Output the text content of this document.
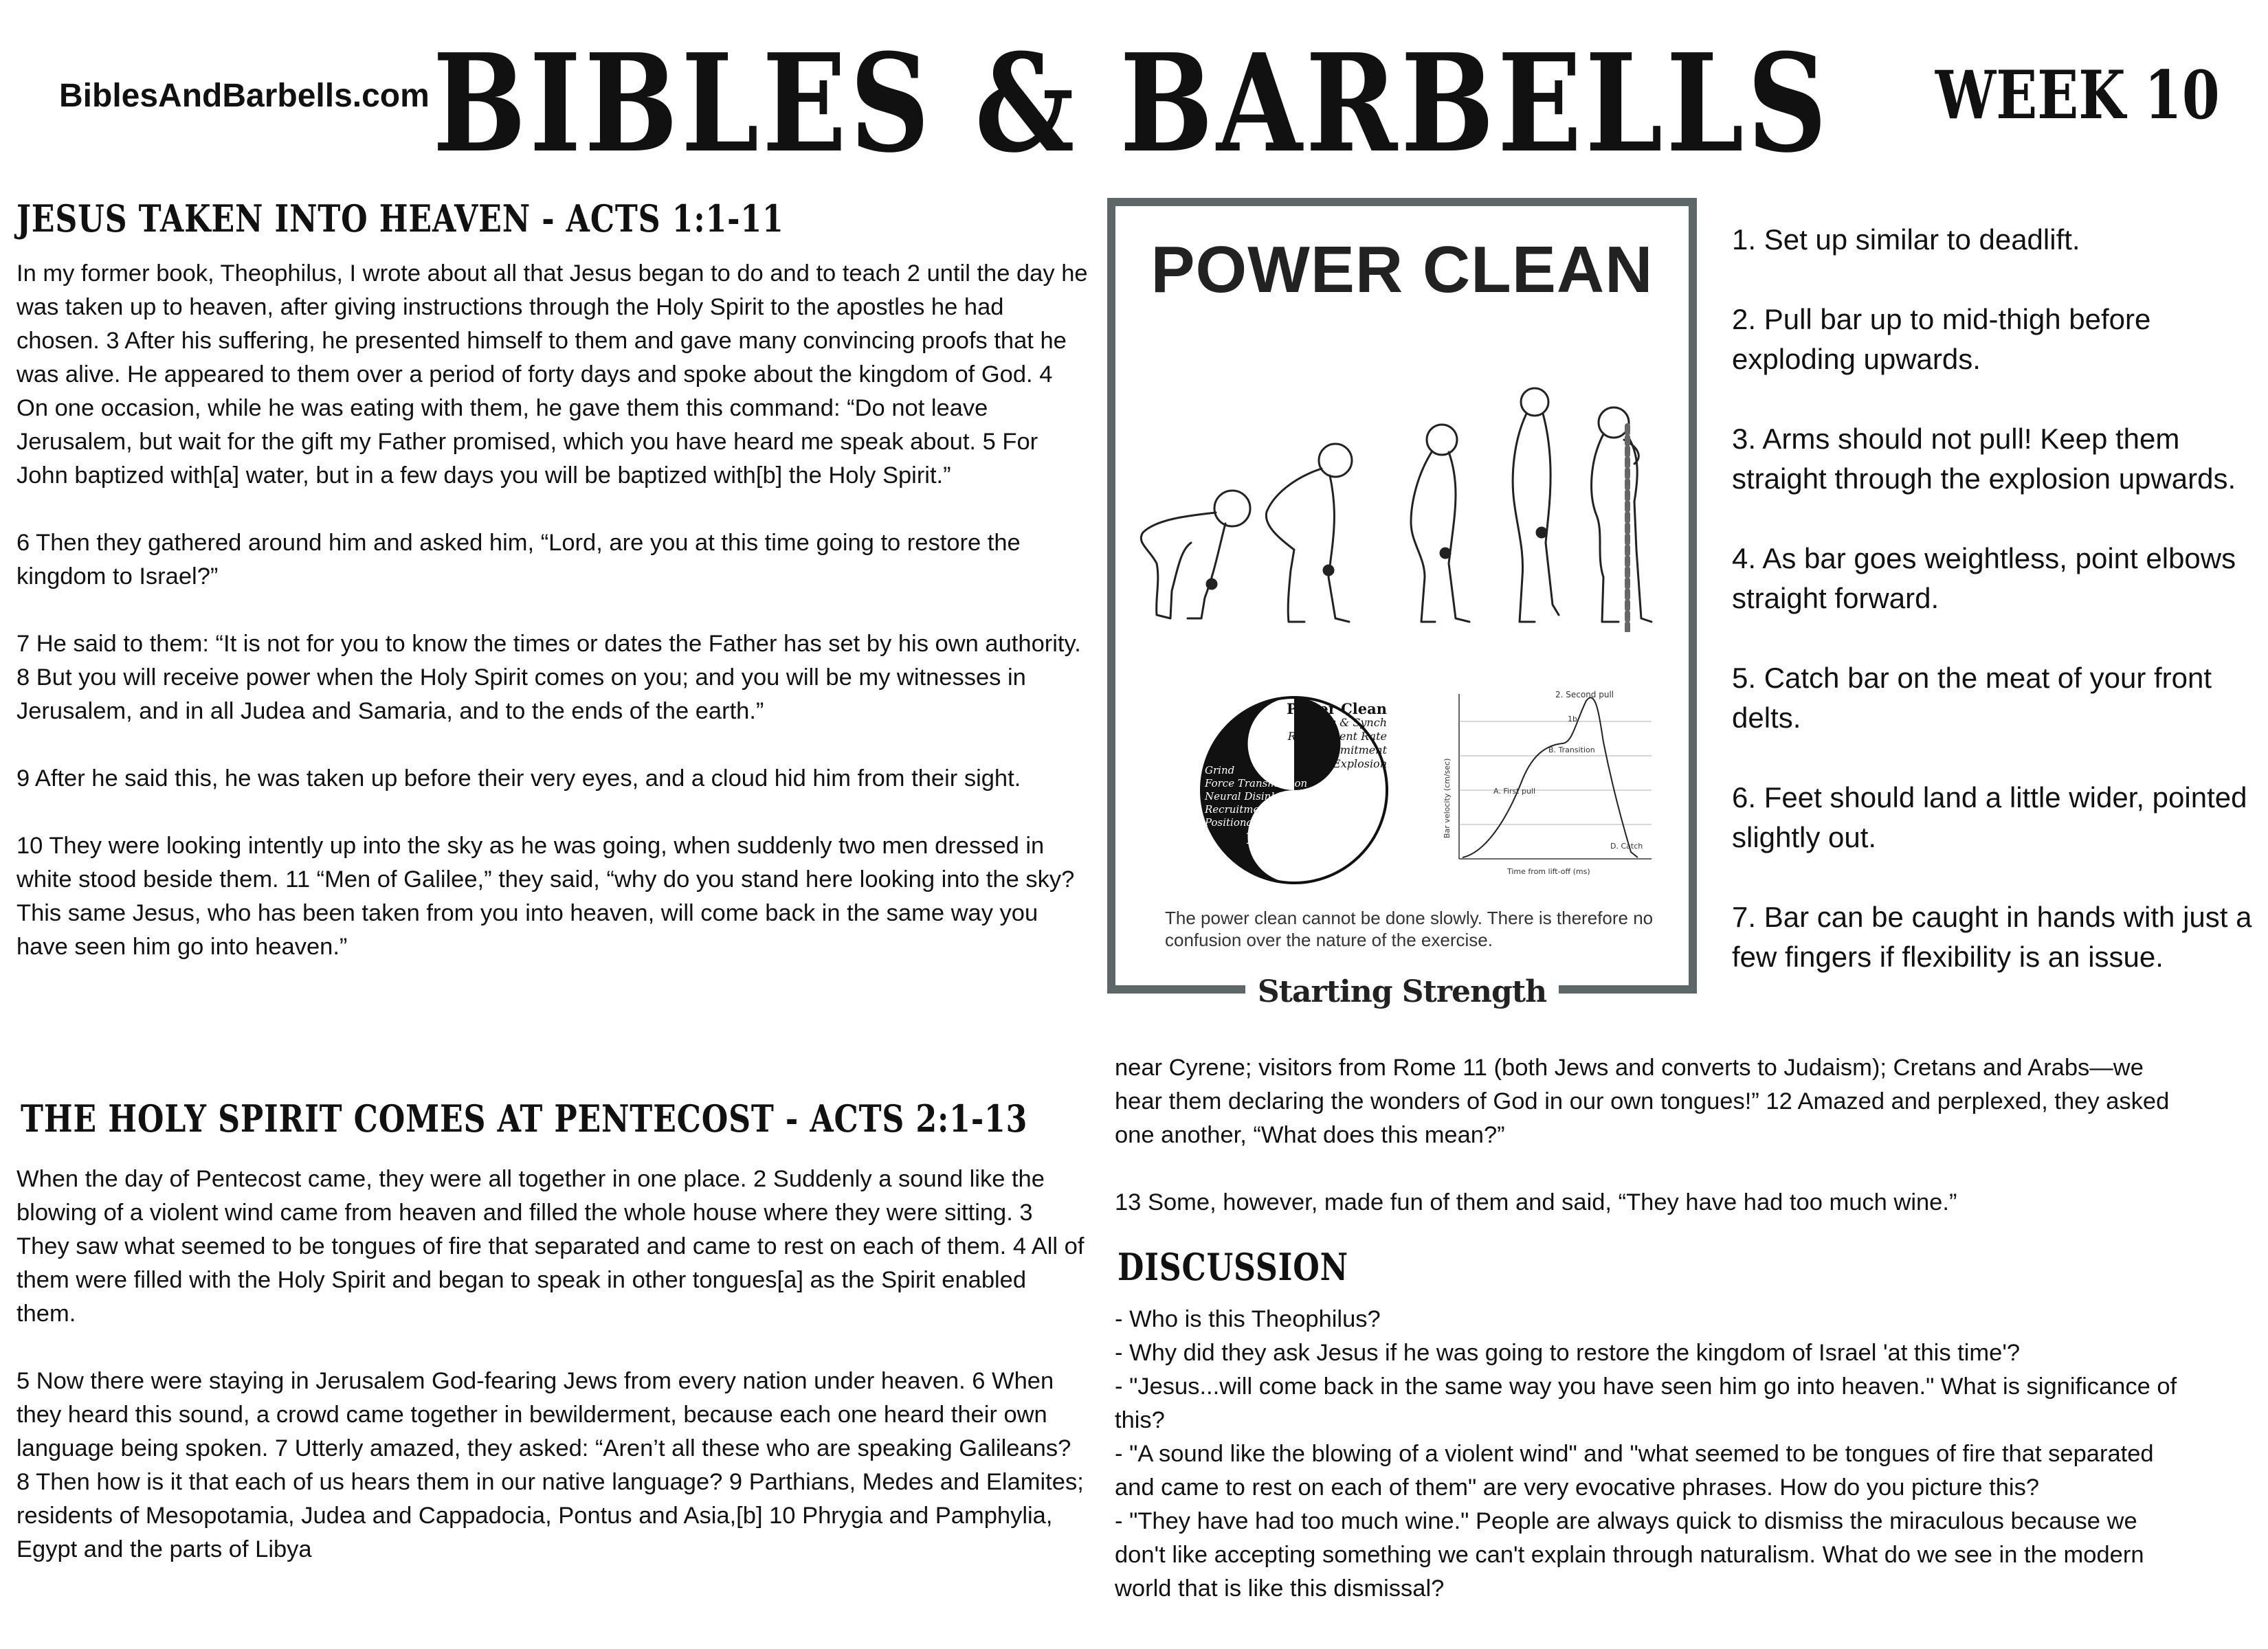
BiblesAndBarbells.com BIBLES & BARBELLS	WEEK 10
JESUS TAKEN INTO HEAVEN - ACTS 1:1-11

In my former book, Theophilus, I wrote about all that Jesus began to do and to teach 2 until the day he was taken up to heaven, after giving instructions through the Holy Spirit to the apostles he had chosen. 3 After his suffering, he presented himself to them and gave many convincing proofs that he was alive. He appeared to them over a period of forty days and spoke about the kingdom of God. 4 On one occasion, while he was eating with them, he gave them this command: “Do not leave Jerusalem, but wait for the gift my Father promised, which you have heard me speak about. 5 For John baptized with[a] water, but in a few days you will be baptized with[b] the Holy Spirit.”

6 Then they gathered around him and asked him, “Lord, are you at this time going to restore the kingdom to Israel?”

7 He said to them: “It is not for you to know the times or dates the Father has set by his own authority. 8 But you will receive power when the Holy Spirit comes on you; and you will be my witnesses in Jerusalem, and in all Judea and Samaria, and to the ends of the earth.”

9 After he said this, he was taken up before their very eyes, and a cloud hid him from their sight.

10 They were looking intently up into the sky as he was going, when suddenly two men dressed in white stood beside them. 11 “Men of Galilee,” they said, “why do you stand here looking into the sky? This same Jesus, who has been taken from you into heaven, will come back in the same way you have seen him go into heaven.”

THE HOLY SPIRIT COMES AT PENTECOST - ACTS 2:1-13

When the day of Pentecost came, they were all together in one place. 2 Suddenly a sound like the blowing of a violent wind came from heaven and filled the whole house where they were sitting. 3 They saw what seemed to be tongues of fire that separated and came to rest on each of them. 4 All of them were filled with the Holy Spirit and began to speak in other tongues[a] as the Spirit enabled them.

5 Now there were staying in Jerusalem God-fearing Jews from every nation under heaven. 6 When they heard this sound, a crowd came together in bewilderment, because each one heard their own language being spoken. 7 Utterly amazed, they asked: “Aren’t all these who are speaking Galileans? 8 Then how is it that each of us hears them in our native language? 9 Parthians, Medes and Elamites; residents of Mesopotamia, Judea and Cappadocia, Pontus and Asia,[b] 10 Phrygia and Pamphylia, Egypt and the parts of Libya

POWER CLEAN
Power Clean
Timing & Synch
Recruitment Rate
Commitment
Explosion
Grind
Force Transmission
Neural Disinhibition
Recruitment Number
Positional Strength
Deadlift
2. Second pull
1b
B. Transition
A. First pull
D. Catch
Bar velocity (cm/sec)
Time from lift-off (ms)
The power clean cannot be done slowly. There is therefore no confusion over the nature of the exercise.
Starting Strength

1. Set up similar to deadlift.

2. Pull bar up to mid-thigh before exploding upwards.

3. Arms should not pull! Keep them straight through the explosion upwards.

4. As bar goes weightless, point elbows straight forward.

5. Catch bar on the meat of your front delts.

6. Feet should land a little wider, pointed slightly out.

7. Bar can be caught in hands with just a few fingers if flexibility is an issue.

near Cyrene; visitors from Rome 11 (both Jews and converts to Judaism); Cretans and Arabs—we hear them declaring the wonders of God in our own tongues!” 12 Amazed and perplexed, they asked one another, “What does this mean?”

13 Some, however, made fun of them and said, “They have had too much wine.”

DISCUSSION
- Who is this Theophilus?
- Why did they ask Jesus if he was going to restore the kingdom of Israel 'at this time'?
- "Jesus...will come back in the same way you have seen him go into heaven." What is significance of this?
- "A sound like the blowing of a violent wind" and "what seemed to be tongues of fire that separated and came to rest on each of them" are very evocative phrases. How do you picture this?
- "They have had too much wine." People are always quick to dismiss the miraculous because we don't like accepting something we can't explain through naturalism. What do we see in the modern world that is like this dismissal?
